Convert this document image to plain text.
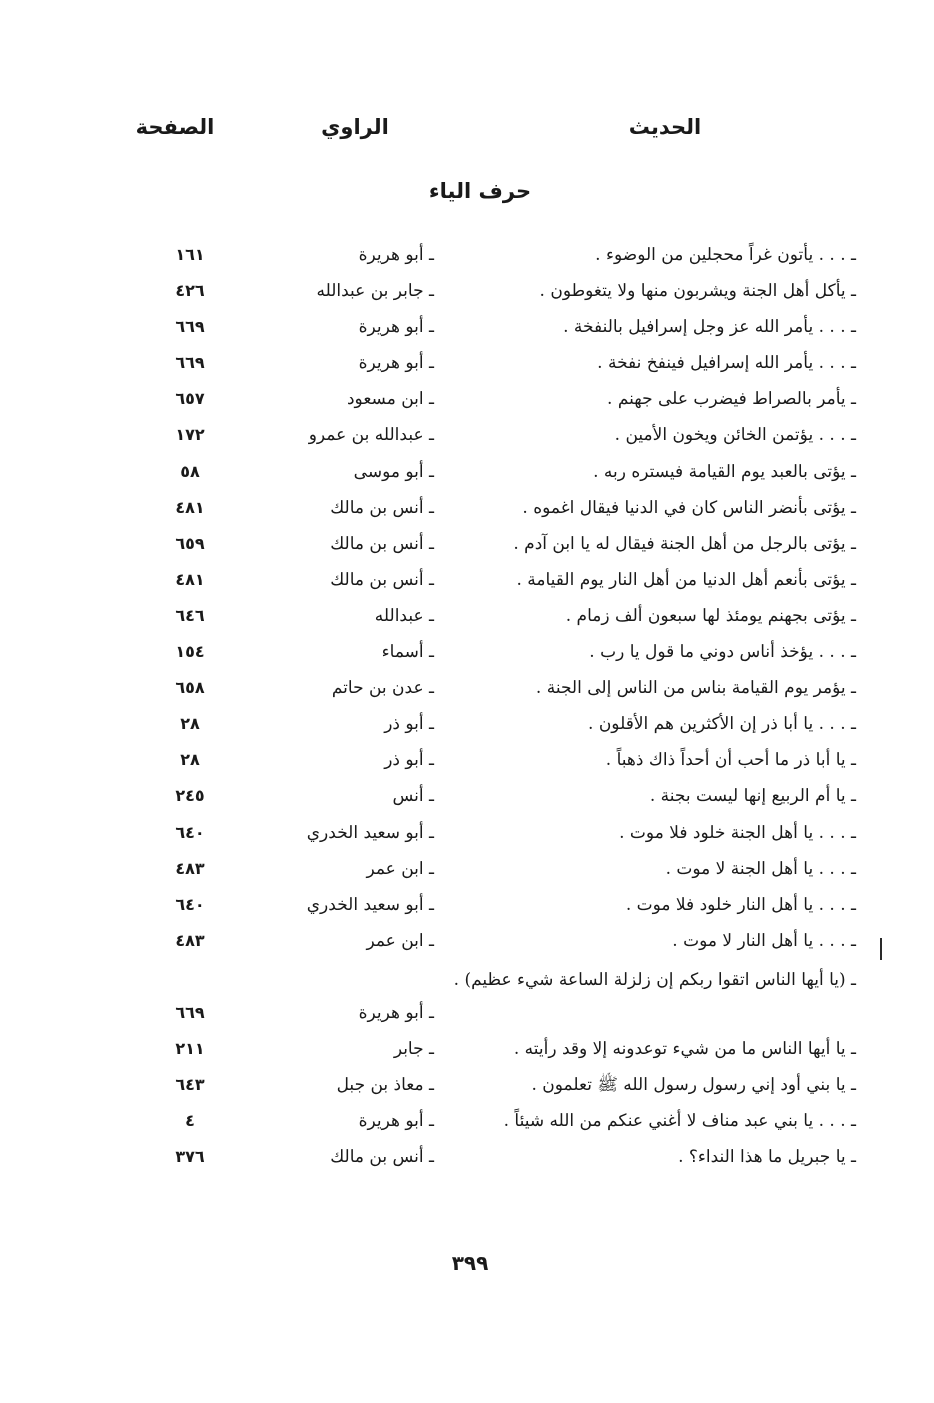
الحديث
الراوي
الصفحة
حرف الياء
ـ . . . يأتون غراً محجلين من الوضوء .
ـ أبو هريرة
١٦١
ـ يأكل أهل الجنة ويشربون منها ولا يتغوطون .
ـ جابر بن عبدالله
٤٢٦
ـ . . . يأمر الله عز وجل إسرافيل بالنفخة .
ـ أبو هريرة
٦٦٩
ـ . . . يأمر الله إسرافيل فينفخ نفخة .
ـ أبو هريرة
٦٦٩
ـ يأمر بالصراط فيضرب على جهنم .
ـ ابن مسعود
٦٥٧
ـ . . . يؤتمن الخائن ويخون الأمين .
ـ عبدالله بن عمرو
١٧٢
ـ يؤتى بالعبد يوم القيامة فيستره ربه .
ـ أبو موسى
٥٨
ـ يؤتى بأنضر الناس كان في الدنيا فيقال اغموه .
ـ أنس بن مالك
٤٨١
ـ يؤتى بالرجل من أهل الجنة فيقال له يا ابن آدم .
ـ أنس بن مالك
٦٥٩
ـ يؤتى بأنعم أهل الدنيا من أهل النار يوم القيامة .
ـ أنس بن مالك
٤٨١
ـ يؤتى بجهنم يومئذ لها سبعون ألف زمام .
ـ عبدالله
٦٤٦
ـ . . . يؤخذ أناس دوني ما قول يا رب .
ـ أسماء
١٥٤
ـ يؤمر يوم القيامة بناس من الناس إلى الجنة .
ـ عدن بن حاتم
٦٥٨
ـ . . . يا أبا ذر إن الأكثرين هم الأقلون .
ـ أبو ذر
٢٨
ـ يا أبا ذر ما أحب أن أحداً ذاك ذهباً .
ـ أبو ذر
٢٨
ـ يا أم الربيع إنها ليست بجنة .
ـ أنس
٢٤٥
ـ . . . يا أهل الجنة خلود فلا موت .
ـ أبو سعيد الخدري
٦٤٠
ـ . . . يا أهل الجنة لا موت .
ـ ابن عمر
٤٨٣
ـ . . . يا أهل النار خلود فلا موت .
ـ أبو سعيد الخدري
٦٤٠
ـ . . . يا أهل النار لا موت .
ـ ابن عمر
٤٨٣
ـ (يا أيها الناس اتقوا ربكم إن زلزلة الساعة شيء عظيم) .
ـ أبو هريرة
٦٦٩
ـ يا أيها الناس ما من شيء توعدونه إلا وقد رأيته .
ـ جابر
٢١١
ـ يا بني أود إني رسول رسول الله ﷺ تعلمون .
ـ معاذ بن جبل
٦٤٣
ـ . . . يا بني عبد مناف لا أغني عنكم من الله شيئاً .
ـ أبو هريرة
٤
ـ يا جبريل ما هذا النداء؟ .
ـ أنس بن مالك
٣٧٦
٣٩٩
